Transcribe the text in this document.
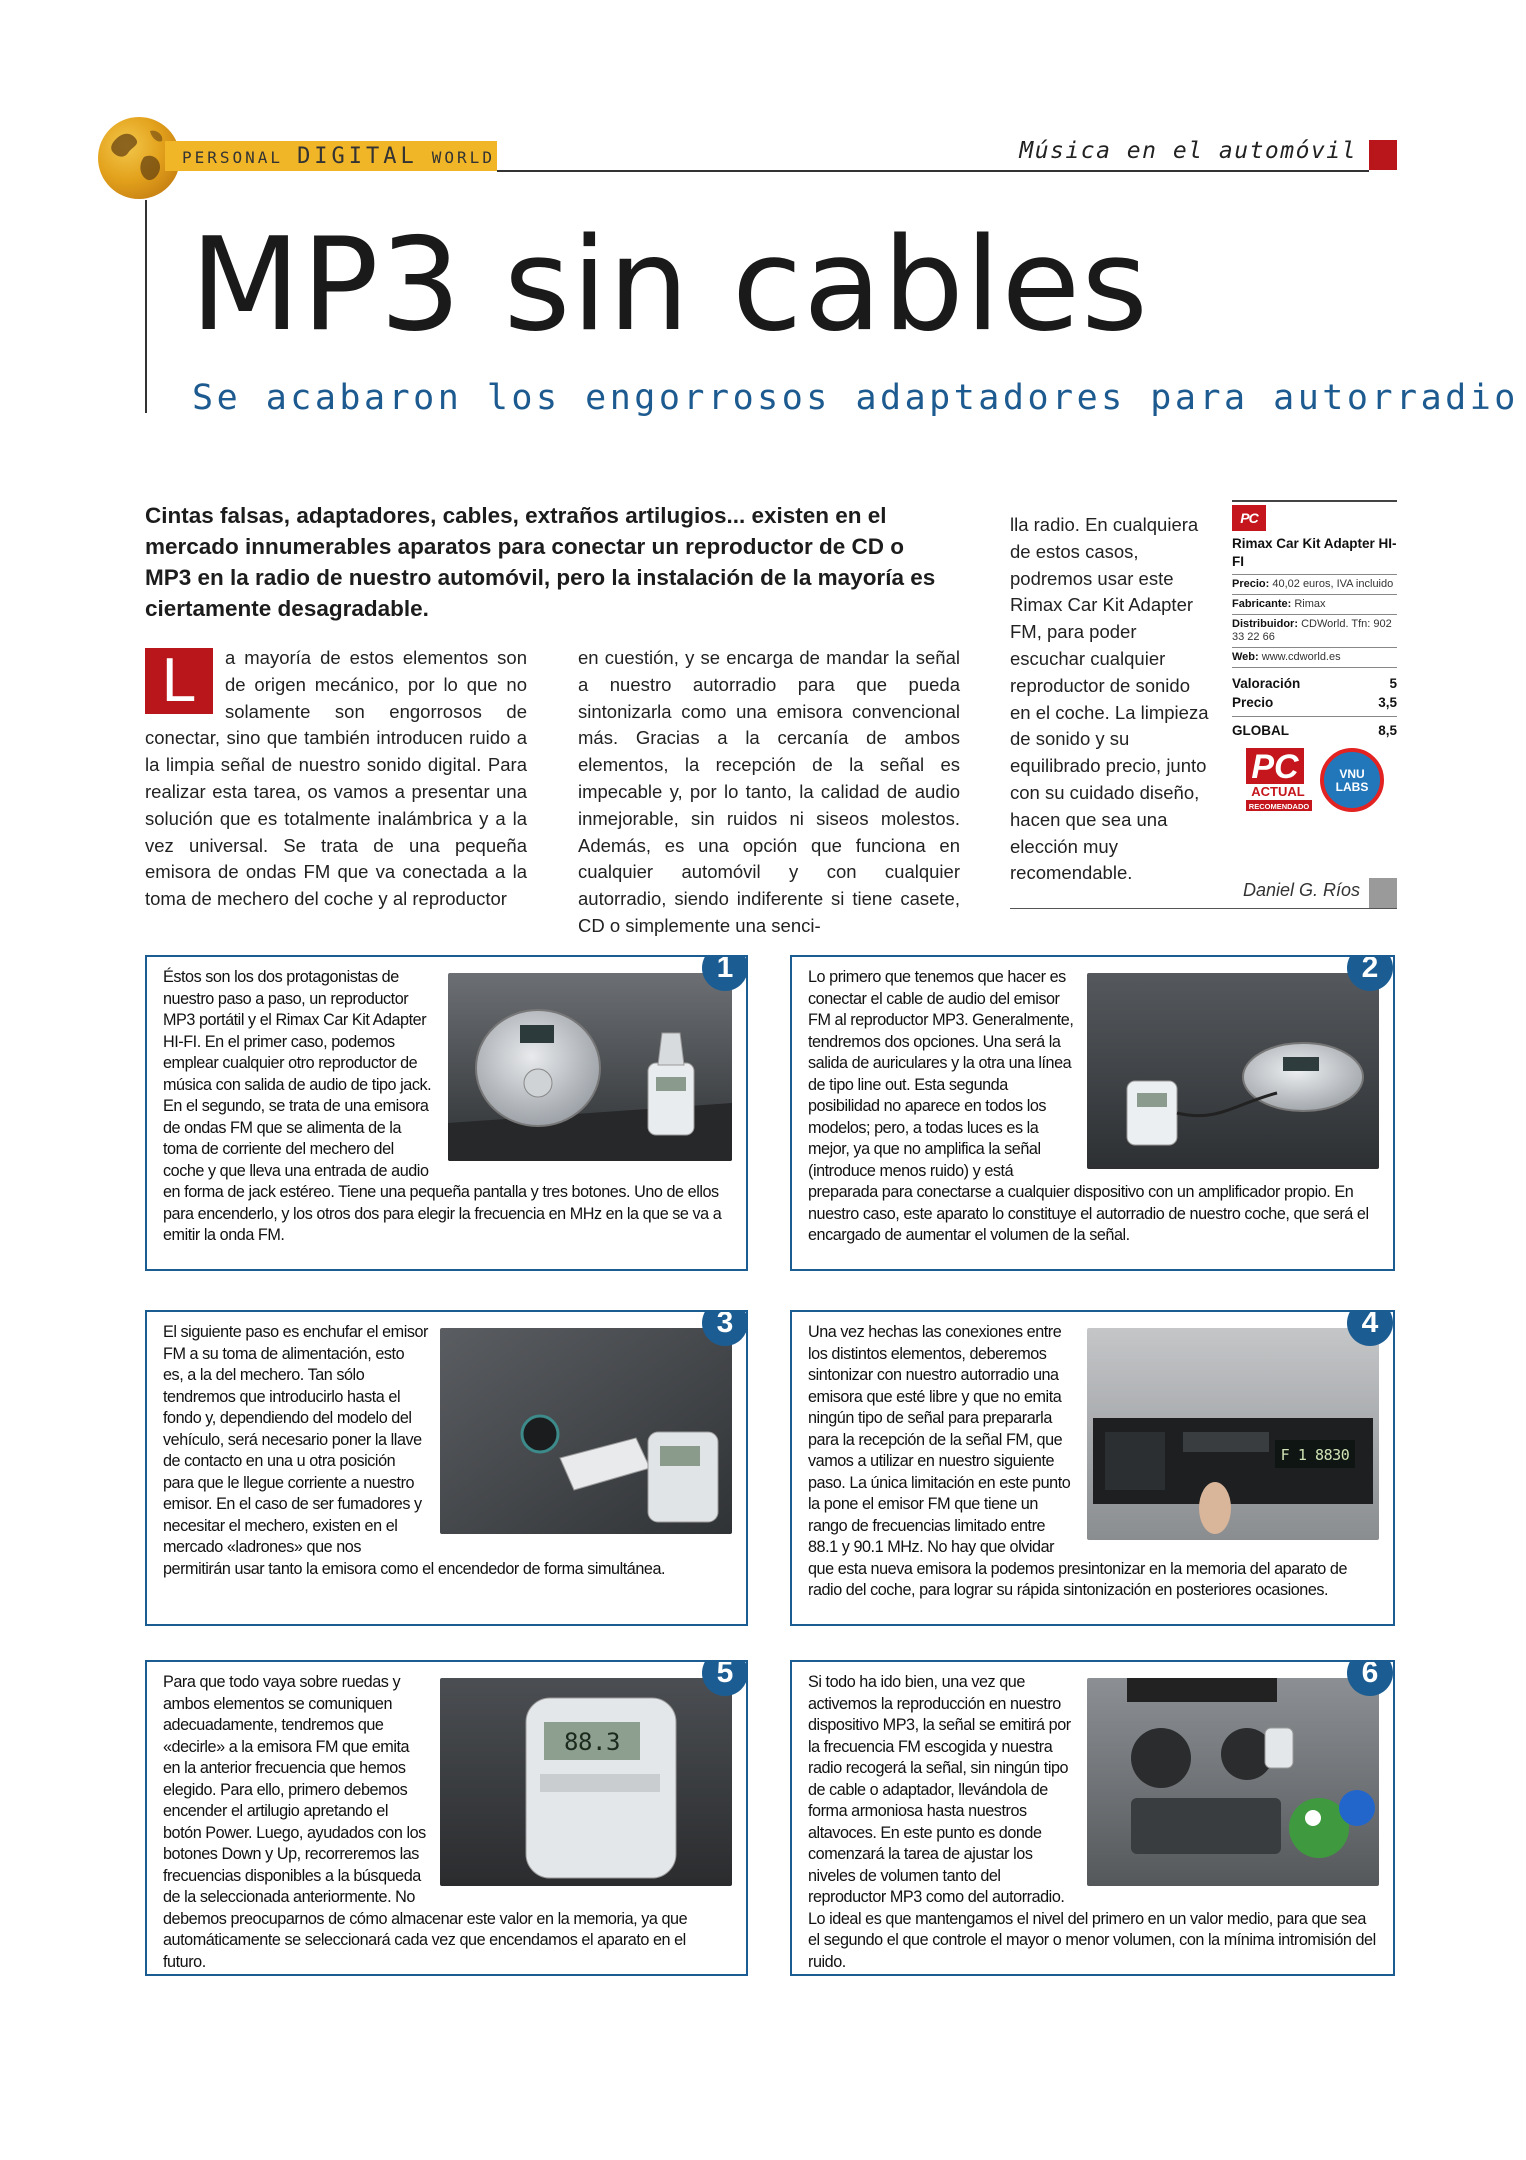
PERSONAL DIGITAL WORLD	Música en el automóvil
MP3 sin cables
Se acabaron los engorrosos adaptadores para autorradio

Cintas falsas, adaptadores, cables, extraños artilugios... existen en el mercado innumerables aparatos para conectar un reproductor de CD o MP3 en la radio de nuestro automóvil, pero la instalación de la mayoría es ciertamente desagradable.

L	a mayoría de estos elementos son de origen mecánico, por lo que no solamente son engorrosos de conectar, sino que también introducen ruido a la limpia señal de nuestro sonido digital. Para realizar esta tarea, os vamos a presentar una solución que es totalmente inalámbrica y a la vez universal. Se trata de una pequeña emisora de ondas FM que va conectada a la toma de mechero del coche y al reproductor
en cuestión, y se encarga de mandar la señal a nuestro autorradio para que pueda sintonizarla como una emisora convencional más. Gracias a la cercanía de ambos elementos, la recepción de la señal es impecable y, por lo tanto, la calidad de audio inmejorable, sin ruidos ni siseos molestos. Además, es una opción que funciona en cualquier automóvil y con cualquier autorradio, siendo indiferente si tiene casete, CD o simplemente una senci-
lla radio. En cualquiera de estos casos, podremos usar este Rimax Car Kit Adapter FM, para poder escuchar cualquier reproductor de sonido en el coche. La limpieza de sonido y su equilibrado precio, junto con su cuidado diseño, hacen que sea una elección muy recomendable.
PC
Rimax Car Kit Adapter HI-FI
Precio: 40,02 euros, IVA incluido
Fabricante: Rimax
Distribuidor: CDWorld. Tfn: 902 33 22 66
Web: www.cdworld.es
Valoración	5
Precio	3,5
GLOBAL	8,5
PC
ACTUAL
RECOMENDADO
VNU LABS
Daniel G. Ríos
Éstos son los dos protagonistas de nuestro paso a paso, un reproductor MP3 portátil y el Rimax Car Kit Adapter HI-FI. En el primer caso, podemos emplear cualquier otro reproductor de música con salida de audio de tipo jack. En el segundo, se trata de una emisora de ondas FM que se alimenta de la toma de corriente del mechero del coche y que lleva una entrada de audio en forma de jack estéreo. Tiene una pequeña pantalla y tres botones. Uno de ellos para encenderlo, y los otros dos para elegir la frecuencia en MHz en la que se va a emitir la onda FM.
1	Lo primero que tenemos que hacer es conectar el cable de audio del emisor FM al reproductor MP3. Generalmente, tendremos dos opciones. Una será la salida de auriculares y la otra una línea de tipo line out. Esta segunda posibilidad no aparece en todos los modelos; pero, a todas luces es la mejor, ya que no amplifica la señal (introduce menos ruido) y está preparada para conectarse a cualquier dispositivo con un amplificador propio. En nuestro caso, este aparato lo constituye el autorradio de nuestro coche, que será el encargado de aumentar el volumen de la señal.
2
El siguiente paso es enchufar el emisor FM a su toma de alimentación, esto es, a la del mechero. Tan sólo tendremos que introducirlo hasta el fondo y, dependiendo del modelo del vehículo, será necesario poner la llave de contacto en una u otra posición para que le llegue corriente a nuestro emisor. En el caso de ser fumadores y necesitar el mechero, existen en el mercado «ladrones» que nos permitirán usar tanto la emisora como el encendedor de forma simultánea.
3
F 1 8830
Una vez hechas las conexiones entre los distintos elementos, deberemos sintonizar con nuestro autorradio una emisora que esté libre y que no emita ningún tipo de señal para prepararla para la recepción de la señal FM, que vamos a utilizar en nuestro siguiente paso. La única limitación en este punto la pone el emisor FM que tiene un rango de frecuencias limitado entre 88.1 y 90.1 MHz. No hay que olvidar que esta nueva emisora la podemos presintonizar en la memoria del aparato de radio del coche, para lograr su rápida sintonización en posteriores ocasiones.
4
88.3
Para que todo vaya sobre ruedas y ambos elementos se comuniquen adecuadamente, tendremos que «decirle» a la emisora FM que emita en la anterior frecuencia que hemos elegido. Para ello, primero debemos encender el artilugio apretando el botón Power. Luego, ayudados con los botones Down y Up, recorreremos las frecuencias disponibles a la búsqueda de la seleccionada anteriormente. No debemos preocuparnos de cómo almacenar este valor en la memoria, ya que automáticamente se seleccionará cada vez que encendamos el aparato en el futuro.
5	Si todo ha ido bien, una vez que activemos la reproducción en nuestro dispositivo MP3, la señal se emitirá por la frecuencia FM escogida y nuestra radio recogerá la señal, sin ningún tipo de cable o adaptador, llevándola de forma armoniosa hasta nuestros altavoces. En este punto es donde comenzará la tarea de ajustar los niveles de volumen tanto del reproductor MP3 como del autorradio. Lo ideal es que mantengamos el nivel del primero en un valor medio, para que sea el segundo el que controle el mayor o menor volumen, con la mínima intromisión del ruido.
6
